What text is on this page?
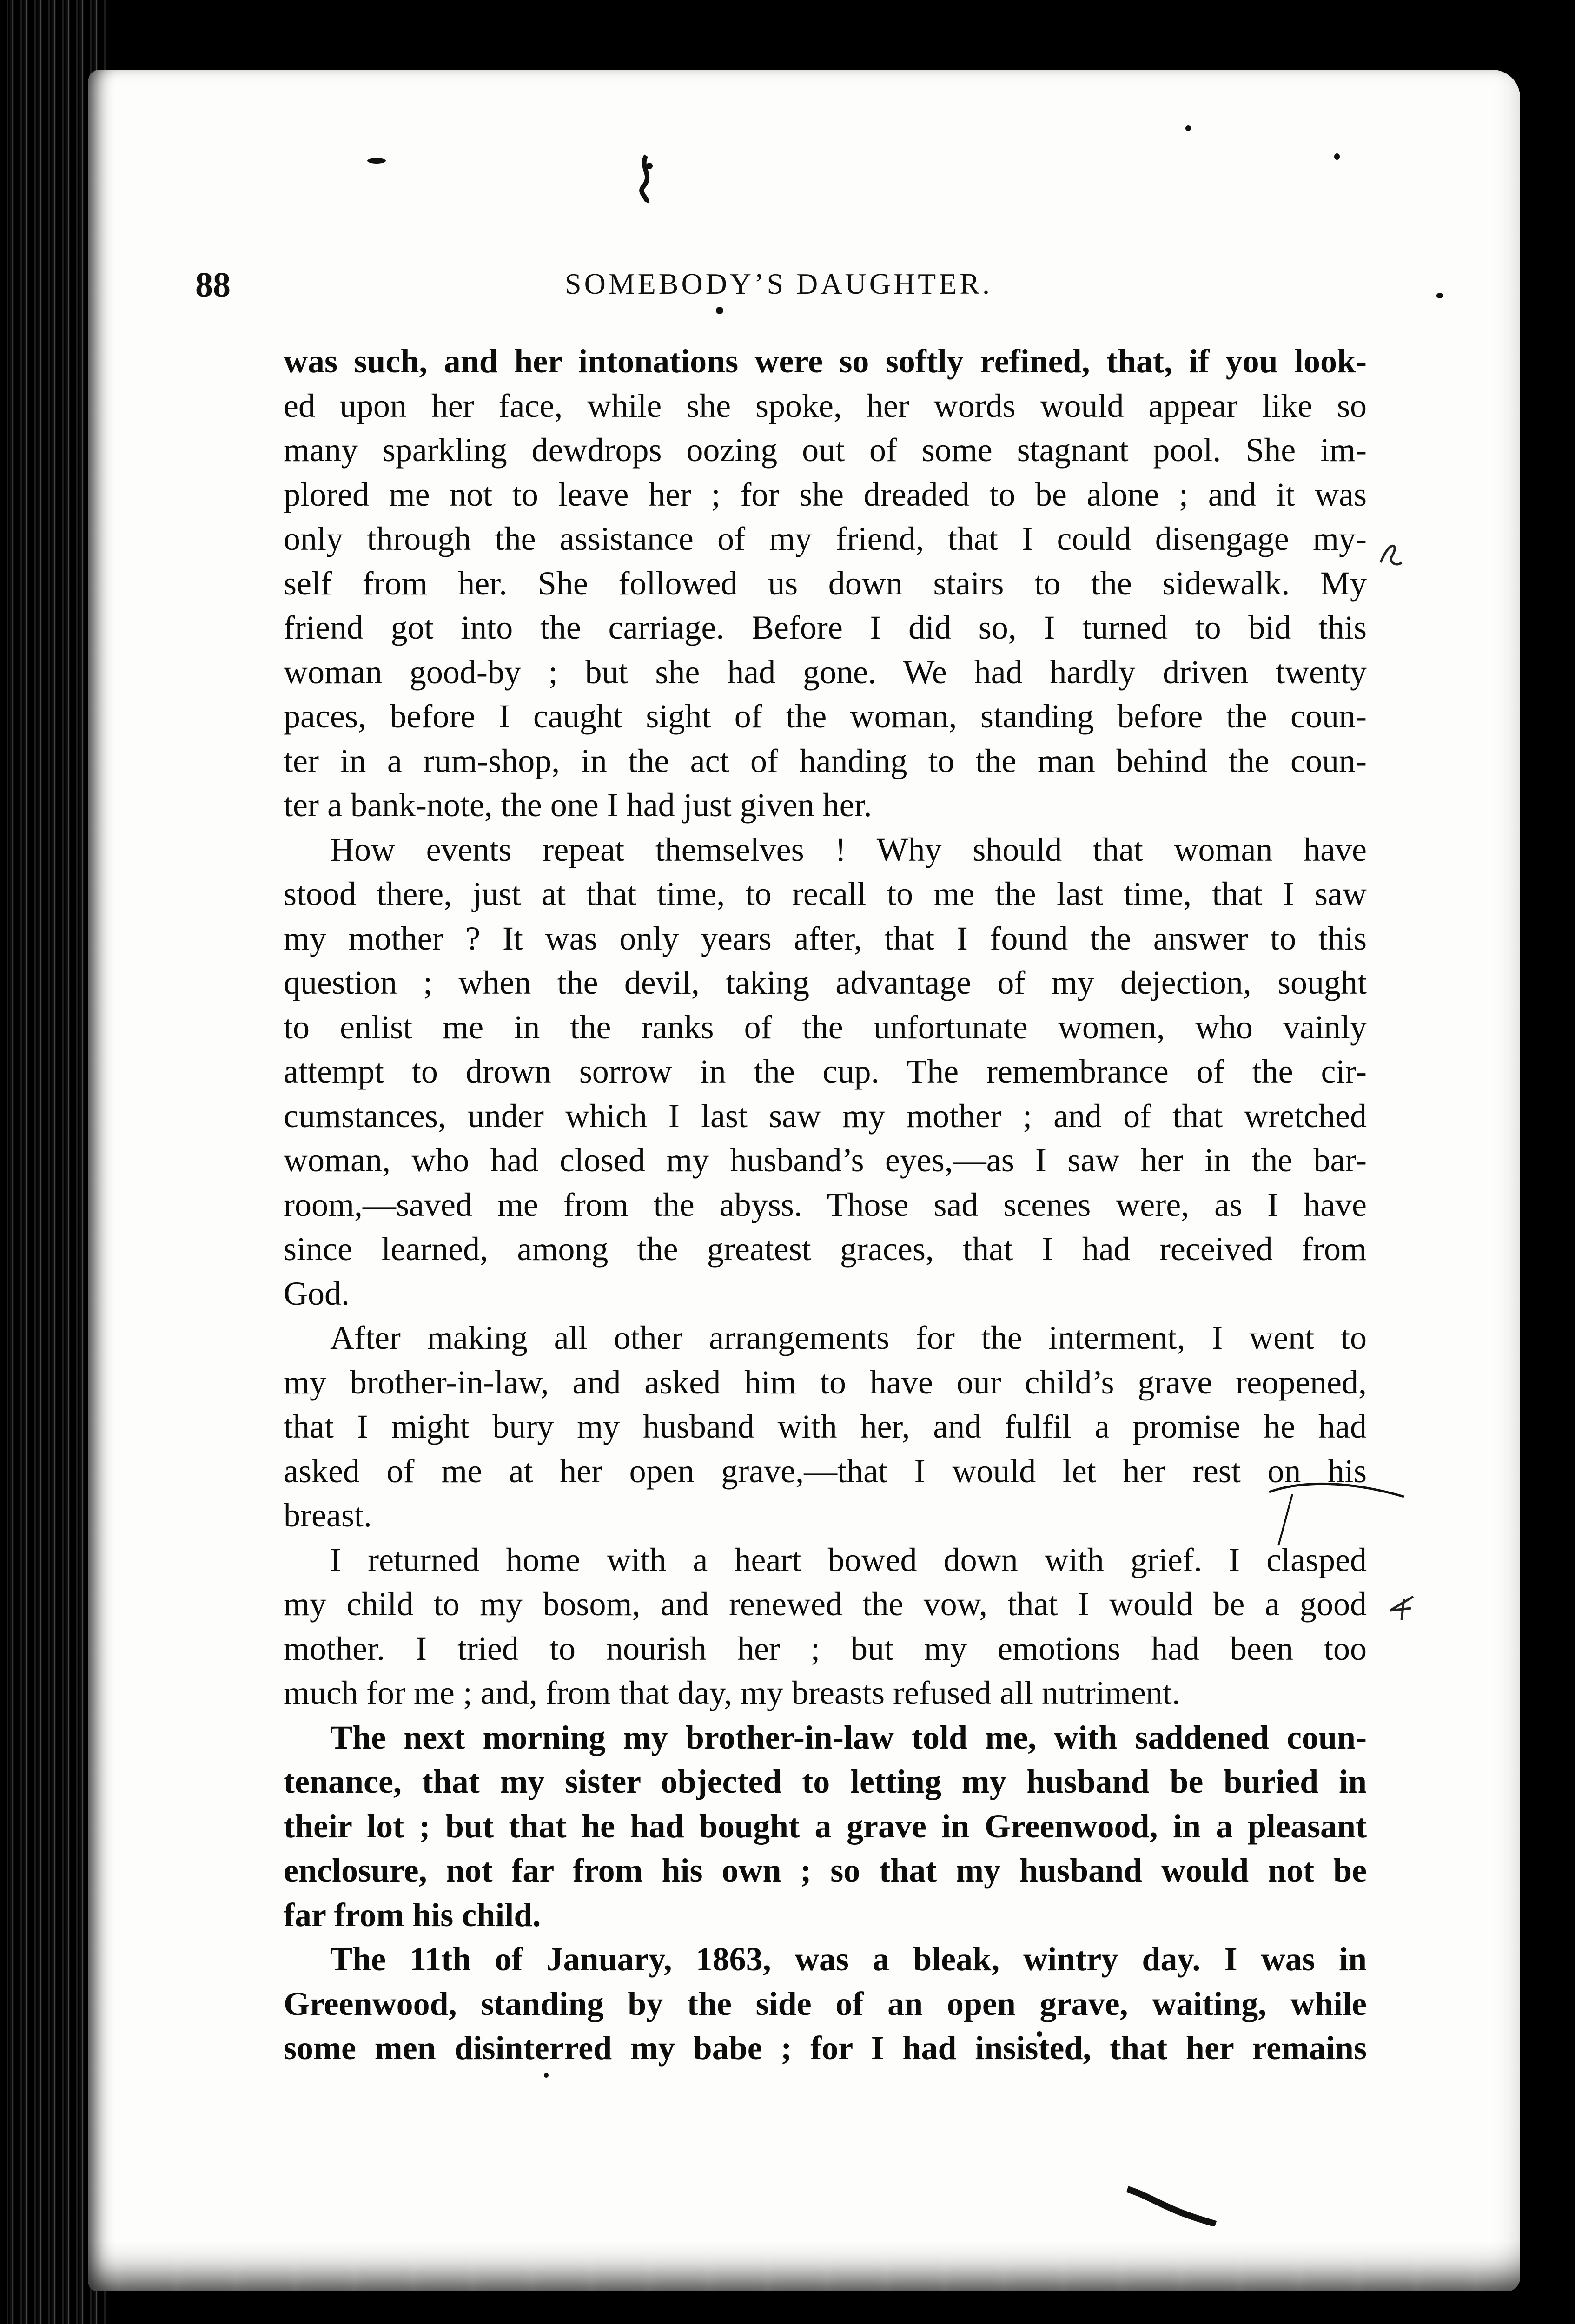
88	SOMEBODY’S DAUGHTER.
was such, and her intonations were so softly refined, that, if you look-
ed upon her face, while she spoke, her words would appear like so
many sparkling dewdrops oozing out of some stagnant pool. She im-
plored me not to leave her ; for she dreaded to be alone ; and it was
only through the assistance of my friend, that I could disengage my-
self from her. She followed us down stairs to the sidewalk. My
friend got into the carriage. Before I did so, I turned to bid this
woman good-by ; but she had gone. We had hardly driven twenty
paces, before I caught sight of the woman, standing before the coun-
ter in a rum-shop, in the act of handing to the man behind the coun-
ter a bank-note, the one I had just given her.
How events repeat themselves ! Why should that woman have
stood there, just at that time, to recall to me the last time, that I saw
my mother ? It was only years after, that I found the answer to this
question ; when the devil, taking advantage of my dejection, sought
to enlist me in the ranks of the unfortunate women, who vainly
attempt to drown sorrow in the cup. The remembrance of the cir-
cumstances, under which I last saw my mother ; and of that wretched
woman, who had closed my husband’s eyes,—as I saw her in the bar-
room,—saved me from the abyss. Those sad scenes were, as I have
since learned, among the greatest graces, that I had received from
God.
After making all other arrangements for the interment, I went to
my brother-in-law, and asked him to have our child’s grave reopened,
that I might bury my husband with her, and fulfil a promise he had
asked of me at her open grave,—that I would let her rest on his
breast.
I returned home with a heart bowed down with grief. I clasped
my child to my bosom, and renewed the vow, that I would be a good
mother. I tried to nourish her ; but my emotions had been too
much for me ; and, from that day, my breasts refused all nutriment.
The next morning my brother-in-law told me, with saddened coun-
tenance, that my sister objected to letting my husband be buried in
their lot ; but that he had bought a grave in Greenwood, in a pleasant
enclosure, not far from his own ; so that my husband would not be
far from his child.
The 11th of January, 1863, was a bleak, wintry day. I was in
Greenwood, standing by the side of an open grave, waiting, while
some men disinterred my babe ; for I had insisted, that her remains
